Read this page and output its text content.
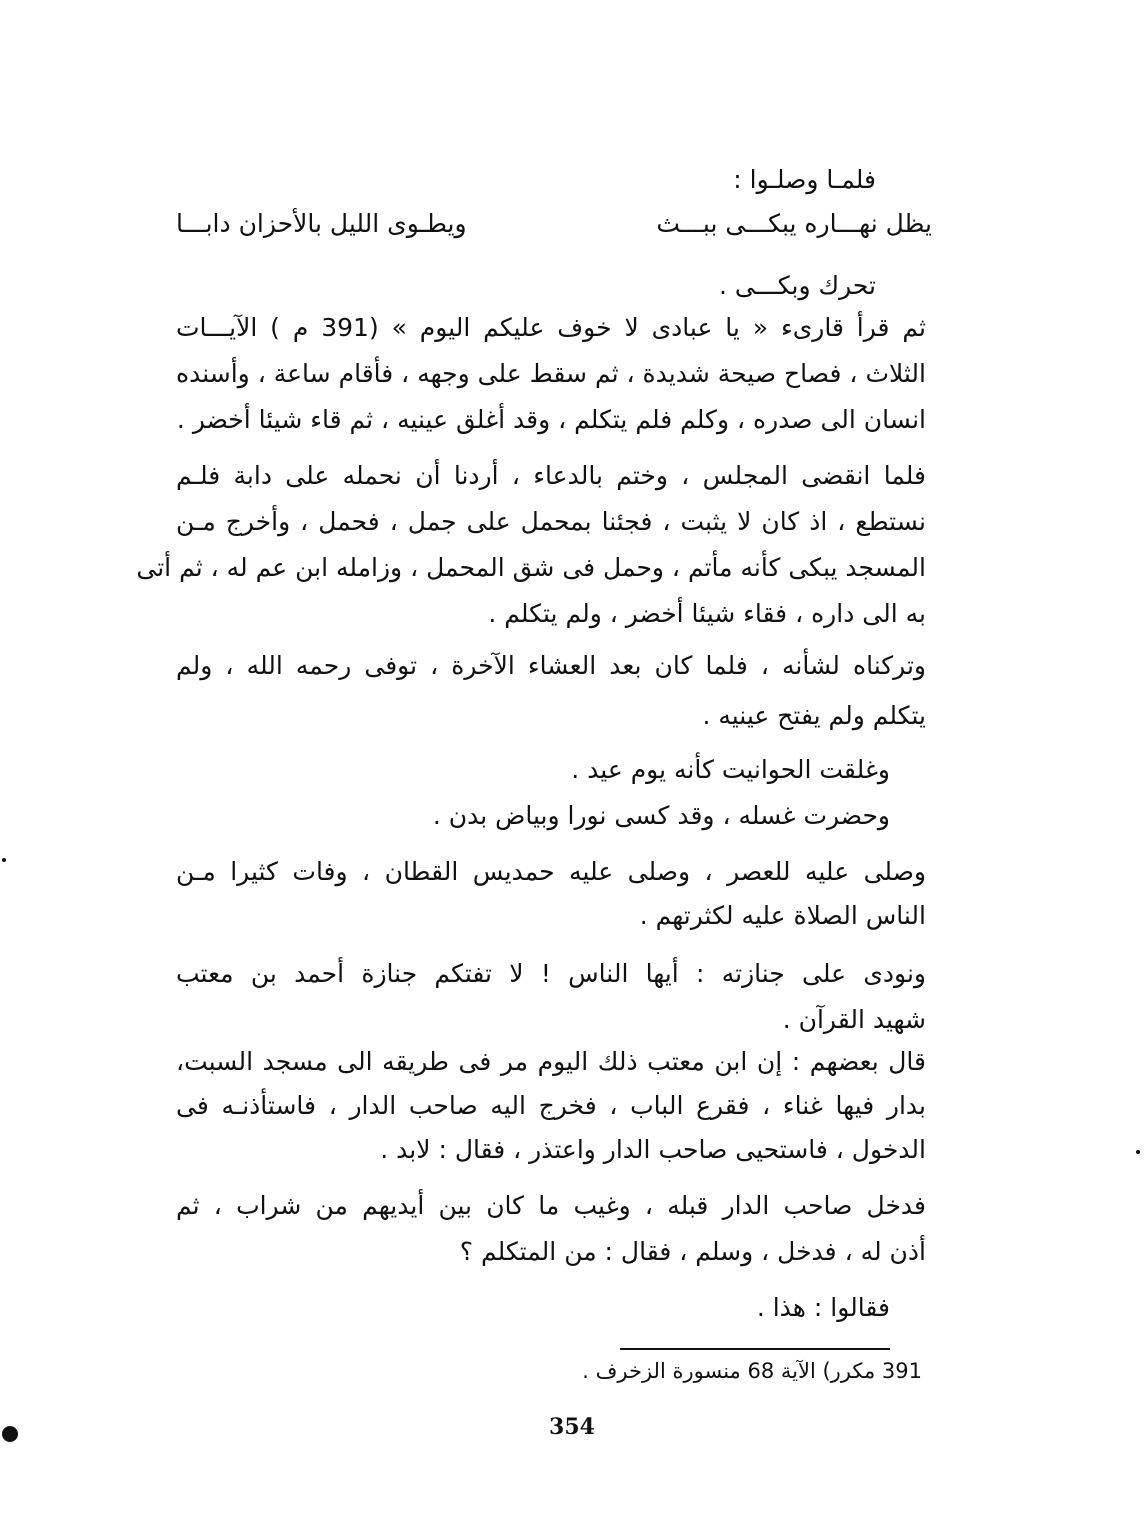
فلمـا وصلـوا :
يظل نهـــاره يبكـــى ببـــث
ويطـوى الليل بالأحزان دابـــا
تحرك وبكـــى .
ثم قرأ قارىء « يا عبادى لا خوف عليكم اليوم » (391 م ) الآيـــات
الثلاث ، فصاح صيحة شديدة ، ثم سقط على وجهه ، فأقام ساعة ، وأسنده
انسان الى صدره ، وكلم فلم يتكلم ، وقد أغلق عينيه ، ثم قاء شيئا أخضر .
فلما انقضى المجلس ، وختم بالدعاء ، أردنا أن نحمله على دابة فلـم
نستطع ، اذ كان لا يثبت ، فجئنا بمحمل على جمل ، فحمل ، وأخرج مـن
المسجد يبكى كأنه مأتم ، وحمل فى شق المحمل ، وزامله ابن عم له ، ثم أتى
به الى داره ، فقاء شيئا أخضر ، ولم يتكلم .
وتركناه لشأنه ، فلما كان بعد العشاء الآخرة ، توفى رحمه الله ، ولم
يتكلم ولم يفتح عينيه .
وغلقت الحوانيت كأنه يوم عيد .
وحضرت غسله ، وقد كسى نورا وبياض بدن .
وصلى عليه للعصر ، وصلى عليه حمديس القطان ، وفات كثيرا مـن
الناس الصلاة عليه لكثرتهم .
ونودى على جنازته : أيها الناس ! لا تفتكم جنازة أحمد بن معتب
شهيد القرآن .
قال بعضهم : إن ابن معتب ذلك اليوم مر فى طريقه الى مسجد السبت،
بدار فيها غناء ، فقرع الباب ، فخرج اليه صاحب الدار ، فاستأذنـه فى
الدخول ، فاستحيى صاحب الدار واعتذر ، فقال : لابد .
فدخل صاحب الدار قبله ، وغيب ما كان بين أيديهم من شراب ، ثم
أذن له ، فدخل ، وسلم ، فقال : من المتكلم ؟
فقالوا : هذا .
391 مكرر) الآية 68 منسورة الزخرف .
354
